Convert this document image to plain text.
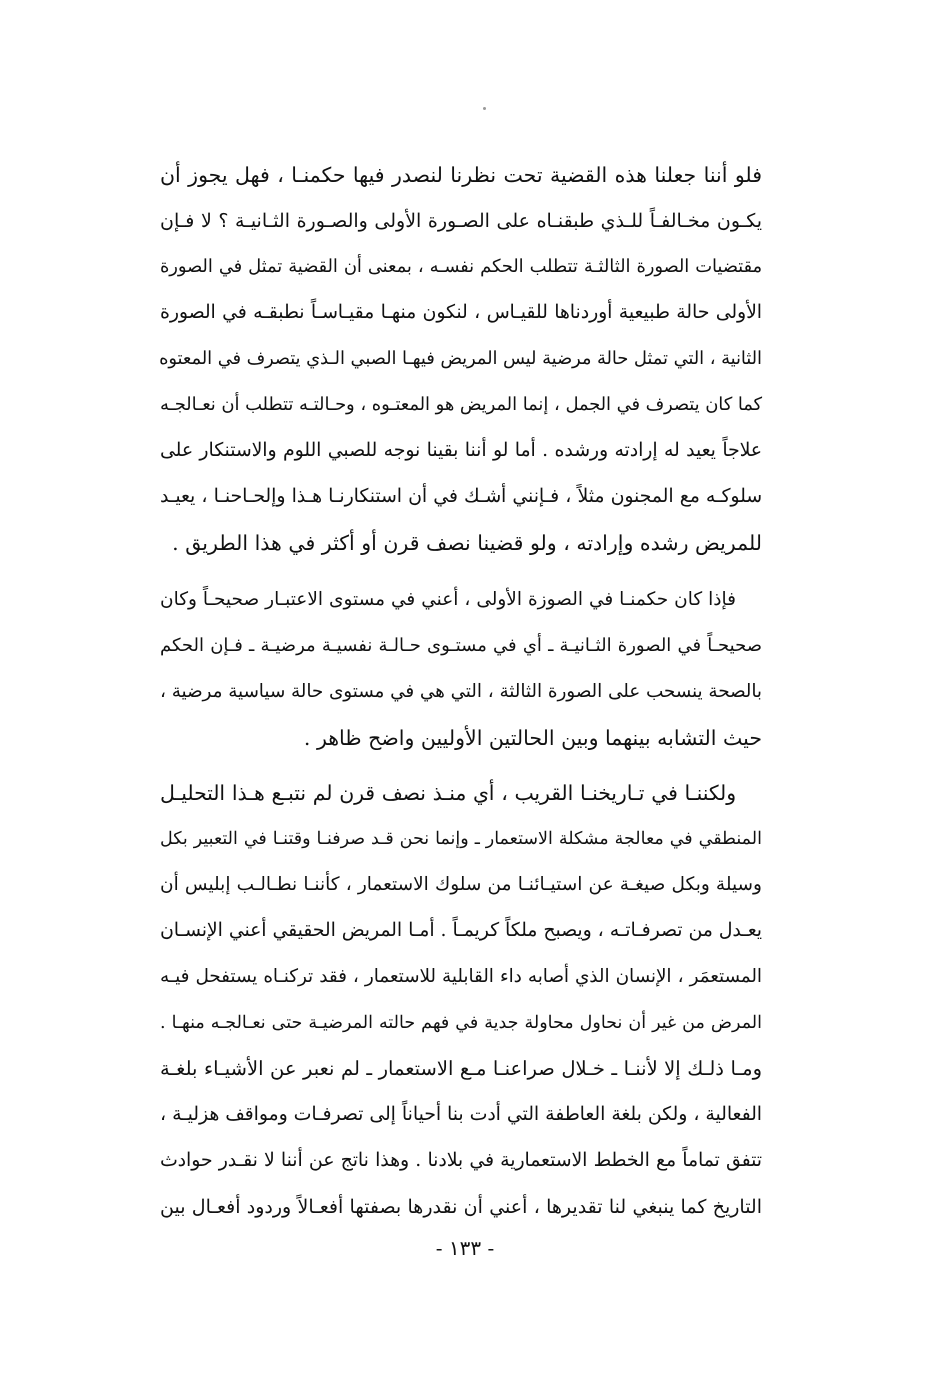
فلو أننا جعلنا هذه القضية تحت نظرنا لنصدر فيها حكمنـا ، فهل يجوز أن
يكـون مخـالفـاً للـذي طبقنـاه على الصـورة الأولى والصـورة الثـانيـة ؟ لا فـإن
مقتضيات الصورة الثالثـة تتطلب الحكم نفسـه ، بمعنى أن القضية تمثل في الصورة
الأولى حالة طبيعية أوردناها للقيـاس ، لنكون منهـا مقيـاسـاً نطبقـه في الصورة
الثانية ، التي تمثل حالة مرضية ليس المريض فيهـا الصبي الـذي يتصرف في المعتوه
كما كان يتصرف في الجمل ، إنما المريض هو المعتـوه ، وحـالتـه تتطلب أن نعـالجـه
علاجاً يعيد له إرادته ورشده . أما لو أننا بقينا نوجه للصبي اللوم والاستنكار على
سلوكـه مع المجنون مثلاً ، فـإنني أشـك في أن استنكارنـا هـذا وإلحـاحنـا ، يعيـد
للمريض رشده وإرادته ، ولو قضينا نصف قرن أو أكثر في هذا الطريق .
فإذا كان حكمنـا في الصوزة الأولى ، أعني في مستوى الاعتبـار صحيحـاً وكان
صحيحـاً في الصورة الثـانيـة ـ أي في مستـوى حـالـة نفسيـة مرضيـة ـ فـإن الحكم
بالصحة ينسحب على الصورة الثالثة ، التي هي في مستوى حالة سياسية مرضية ،
حيث التشابه بينهما وبين الحالتين الأوليين واضح ظاهر .
ولكننـا في تـاريخنـا القريب ، أي منـذ نصف قرن لم نتبـع هـذا التحليـل
المنطقي في معالجة مشكلة الاستعمار ـ وإنما نحن قـد صرفنـا وقتنـا في التعبير بكل
وسيلة وبكل صيغـة عن استيـائنـا من سلوك الاستعمار ، كأننـا نطـالـب إبليس أن
يعـدل من تصرفـاتـه ، ويصبح ملكاً كريمـاً . أمـا المريض الحقيقي أعني الإنسـان
المستعمَر ، الإنسان الذي أصابه داء القابلية للاستعمار ، فقد تركنـاه يستفحل فيـه
المرض من غير أن نحاول محاولة جدية في فهم حالته المرضيـة حتى نعـالجـه منهـا .
ومـا ذلـك إلا لأننـا ـ خـلال صراعنـا مـع الاستعمار ـ لم نعبر عن الأشيـاء بلغـة
الفعالية ، ولكن بلغة العاطفة التي أدت بنا أحياناً إلى تصرفـات ومواقف هزليـة ،
تتفق تماماً مع الخطط الاستعمارية في بلادنا . وهذا ناتج عن أننا لا نقـدر حوادث
التاريخ كما ينبغي لنا تقديرها ، أعني أن نقدرها بصفتها أفعـالاً وردود أفعـال بين
- ١٣٣ -
